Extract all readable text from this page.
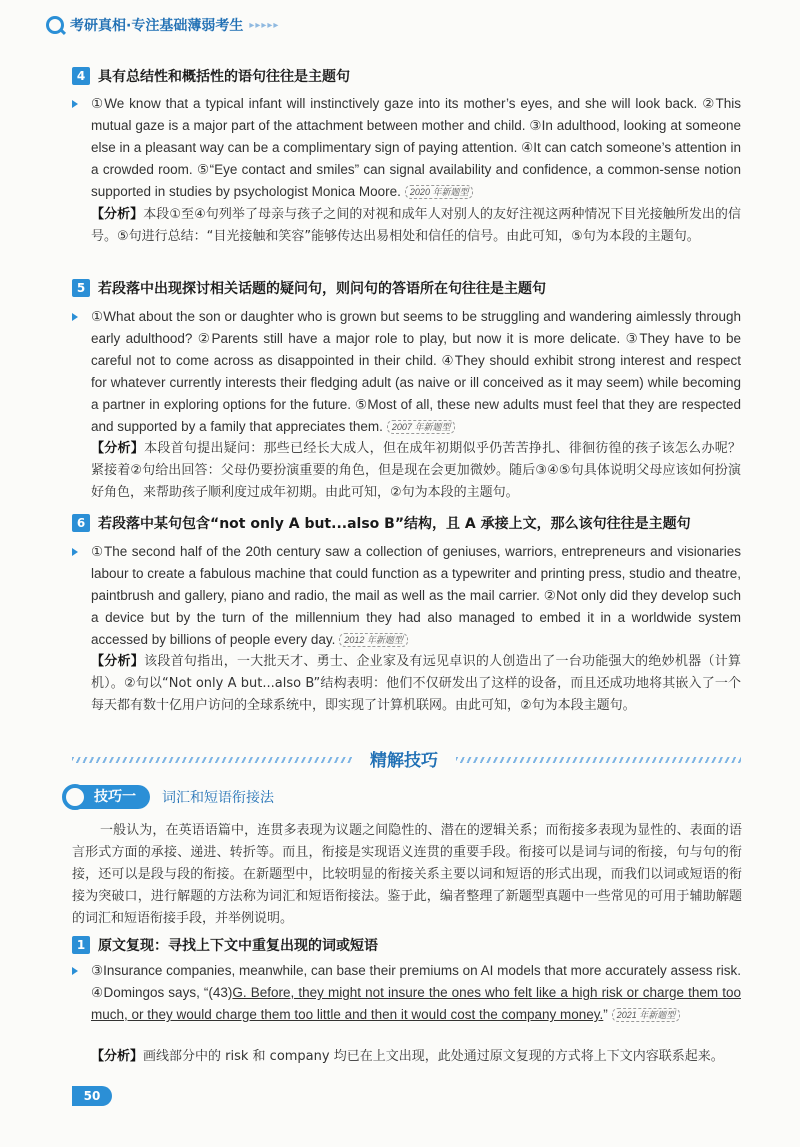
考研真相·专注基础薄弱考生 ▸▸▸▸▸
4 具有总结性和概括性的语句往往是主题句
①We know that a typical infant will instinctively gaze into its mother’s eyes, and she will look back. ②This mutual gaze is a major part of the attachment between mother and child. ③In adulthood, looking at someone else in a pleasant way can be a complimentary sign of paying attention. ④It can catch someone’s attention in a crowded room. ⑤“Eye contact and smiles” can signal availability and confidence, a common-sense notion supported in studies by psychologist Monica Moore. 2020 年新题型
【分析】本段①至④句列举了母亲与孩子之间的对视和成年人对别人的友好注视这两种情况下目光接触所发出的信号。⑤句进行总结：“目光接触和笑容”能够传达出易相处和信任的信号。由此可知，⑤句为本段的主题句。
5 若段落中出现探讨相关话题的疑问句，则问句的答语所在句往往是主题句
①What about the son or daughter who is grown but seems to be struggling and wandering aimlessly through early adulthood? ②Parents still have a major role to play, but now it is more delicate. ③They have to be careful not to come across as disappointed in their child. ④They should exhibit strong interest and respect for whatever currently interests their fledging adult (as naive or ill conceived as it may seem) while becoming a partner in exploring options for the future. ⑤Most of all, these new adults must feel that they are respected and supported by a family that appreciates them. 2007 年新题型
【分析】本段首句提出疑问：那些已经长大成人，但在成年初期似乎仍苦苦挣扎、徘徊彷徨的孩子该怎么办呢？紧接着②句给出回答：父母仍要扮演重要的角色，但是现在会更加微妙。随后③④⑤句具体说明父母应该如何扮演好角色，来帮助孩子顺利度过成年初期。由此可知，②句为本段的主题句。
6 若段落中某句包含“not only A but...also B”结构，且 A 承接上文，那么该句往往是主题句
①The second half of the 20th century saw a collection of geniuses, warriors, entrepreneurs and visionaries labour to create a fabulous machine that could function as a typewriter and printing press, studio and theatre, paintbrush and gallery, piano and radio, the mail as well as the mail carrier. ②Not only did they develop such a device but by the turn of the millennium they had also managed to embed it in a worldwide system accessed by billions of people every day. 2012 年新题型
【分析】该段首句指出，一大批天才、勇士、企业家及有远见卓识的人创造出了一台功能强大的绝妙机器（计算机）。②句以“Not only A but...also B”结构表明：他们不仅研发出了这样的设备，而且还成功地将其嵌入了一个每天都有数十亿用户访问的全球系统中，即实现了计算机联网。由此可知，②句为本段主题句。
精解技巧
技巧一	词汇和短语衔接法
一般认为，在英语语篇中，连贯多表现为议题之间隐性的、潜在的逻辑关系；而衔接多表现为显性的、表面的语言形式方面的承接、递进、转折等。而且，衔接是实现语义连贯的重要手段。衔接可以是词与词的衔接，句与句的衔接，还可以是段与段的衔接。在新题型中，比较明显的衔接关系主要以词和短语的形式出现，而我们以词或短语的衔接为突破口，进行解题的方法称为词汇和短语衔接法。鉴于此，编者整理了新题型真题中一些常见的可用于辅助解题的词汇和短语衔接手段，并举例说明。
1 原文复现：寻找上下文中重复出现的词或短语
③Insurance companies, meanwhile, can base their premiums on AI models that more accurately assess risk. ④Domingos says, “(43)G. Before, they might not insure the ones who felt like a high risk or charge them too much, or they would charge them too little and then it would cost the company money.” 2021 年新题型
【分析】画线部分中的 risk 和 company 均已在上文出现，此处通过原文复现的方式将上下文内容联系起来。
50
